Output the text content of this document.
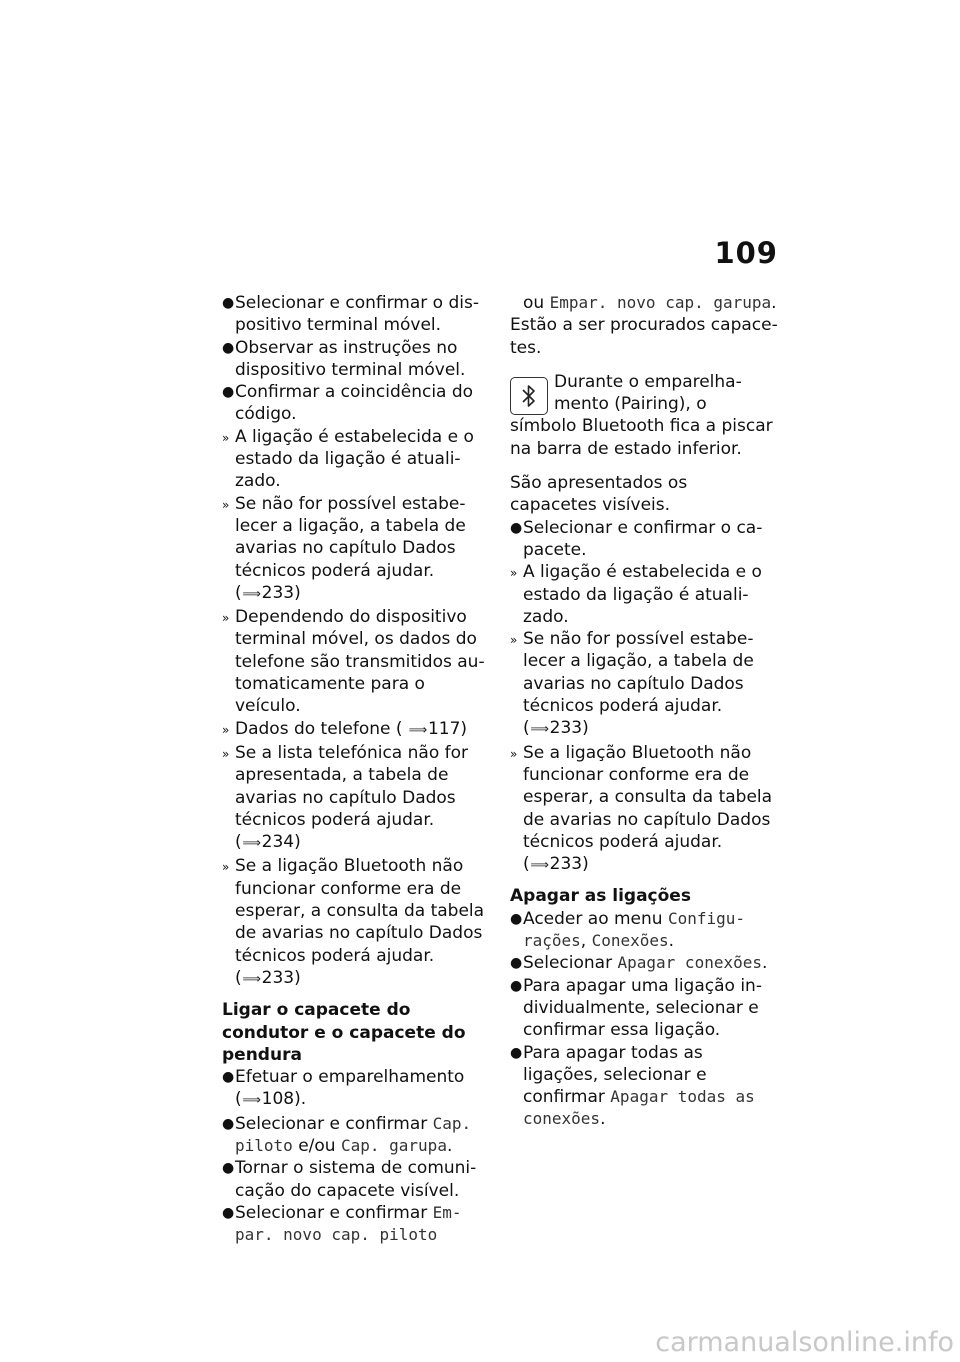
109
● Selecionar e confirmar o dispositivo terminal móvel.
● Observar as instruções no dispositivo terminal móvel.
● Confirmar a coincidência do código.
» A ligação é estabelecida e o estado da ligação é atualizado.
» Se não for possível estabelecer a ligação, a tabela de avarias no capítulo Dados técnicos poderá ajudar. (⟹233)
» Dependendo do dispositivo terminal móvel, os dados do telefone são transmitidos automaticamente para o veículo.
» Dados do telefone ( ⟹117)
» Se a lista telefónica não for apresentada, a tabela de avarias no capítulo Dados técnicos poderá ajudar. (⟹234)
» Se a ligação Bluetooth não funcionar conforme era de esperar, a consulta da tabela de avarias no capítulo Dados técnicos poderá ajudar. (⟹233)
Ligar o capacete do condutor e o capacete do pendura
● Efetuar o emparelhamento (⟹108).
● Selecionar e confirmar Cap. piloto e/ou Cap. garupa.
● Tornar o sistema de comunicação do capacete visível.
● Selecionar e confirmar Empar. novo cap. piloto
ou Empar. novo cap. garupa.

Estão a ser procurados capacetes.

Durante o emparelhamento (Pairing), o símbolo Bluetooth fica a piscar na barra de estado inferior.

São apresentados os capacetes visíveis.

● Selecionar e confirmar o capacete.
» A ligação é estabelecida e o estado da ligação é atualizado.
» Se não for possível estabelecer a ligação, a tabela de avarias no capítulo Dados técnicos poderá ajudar. (⟹233)
» Se a ligação Bluetooth não funcionar conforme era de esperar, a consulta da tabela de avarias no capítulo Dados técnicos poderá ajudar. (⟹233)
Apagar as ligações
● Aceder ao menu Configurações, Conexões.
● Selecionar Apagar conexões.
● Para apagar uma ligação individualmente, selecionar e confirmar essa ligação.
● Para apagar todas as ligações, selecionar e confirmar Apagar todas as conexões.
carmanualsonline.info
